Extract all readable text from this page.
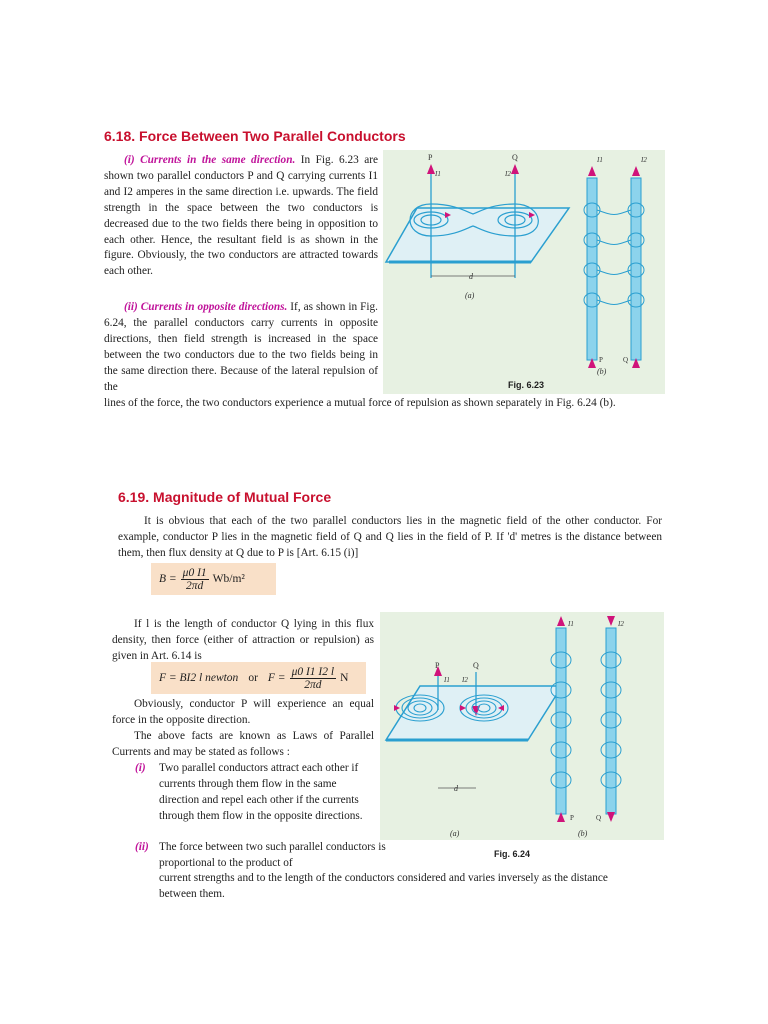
6.18. Force Between Two Parallel Conductors

(i) Currents in the same direction. In Fig. 6.23 are shown two parallel conductors P and Q carrying currents I1 and I2 amperes in the same direction i.e. upwards. The field strength in the space between the two conductors is decreased due to the two fields there being in opposition to each other. Hence, the resultant field is as shown in the figure. Obviously, the two conductors are attracted towards each other.

(ii) Currents in opposite directions. If, as shown in Fig. 6.24, the parallel conductors carry currents in opposite directions, then field strength is increased in the space between the two conductors due to the two fields being in the same direction there. Because of the lateral repulsion of the

lines of the force, the two conductors experience a mutual force of repulsion as shown separately in Fig. 6.24 (b).

d
P	Q
I1	I2
(a)
I1	I2
P	Q
(b)
Fig. 6.23
6.19. Magnitude of Mutual Force

It is obvious that each of the two parallel conductors lies in the magnetic field of the other conductor. For example, conductor P lies in the magnetic field of Q and Q lies in the field of P. If 'd' metres is the distance between them, then flux density at Q due to P is [Art. 6.15 (i)]

$B = \frac{\mu 0 I1}{2\pi d} Wb/m^2$

If l is the length of conductor Q lying in this flux density, then force (either of attraction or repulsion) as given in Art. 6.14 is

F = BI2 l newton or $F = \frac{\mu 0 I1 I2 l}{2\pi d}$ N

Obviously, conductor P will experience an equal force in the opposite direction.

The above facts are known as Laws of Parallel Currents and may be stated as follows :

(i) Two parallel conductors attract each other if currents through them flow in the same direction and repel each other if the currents through them flow in the opposite directions.

(ii) The force between two such parallel conductors is proportional to the product of

current strengths and to the length of the conductors considered and varies inversely as the distance between them.

d
P	Q
I1 I2
(a)
I1	I2
P	Q
(b)
Fig. 6.24
